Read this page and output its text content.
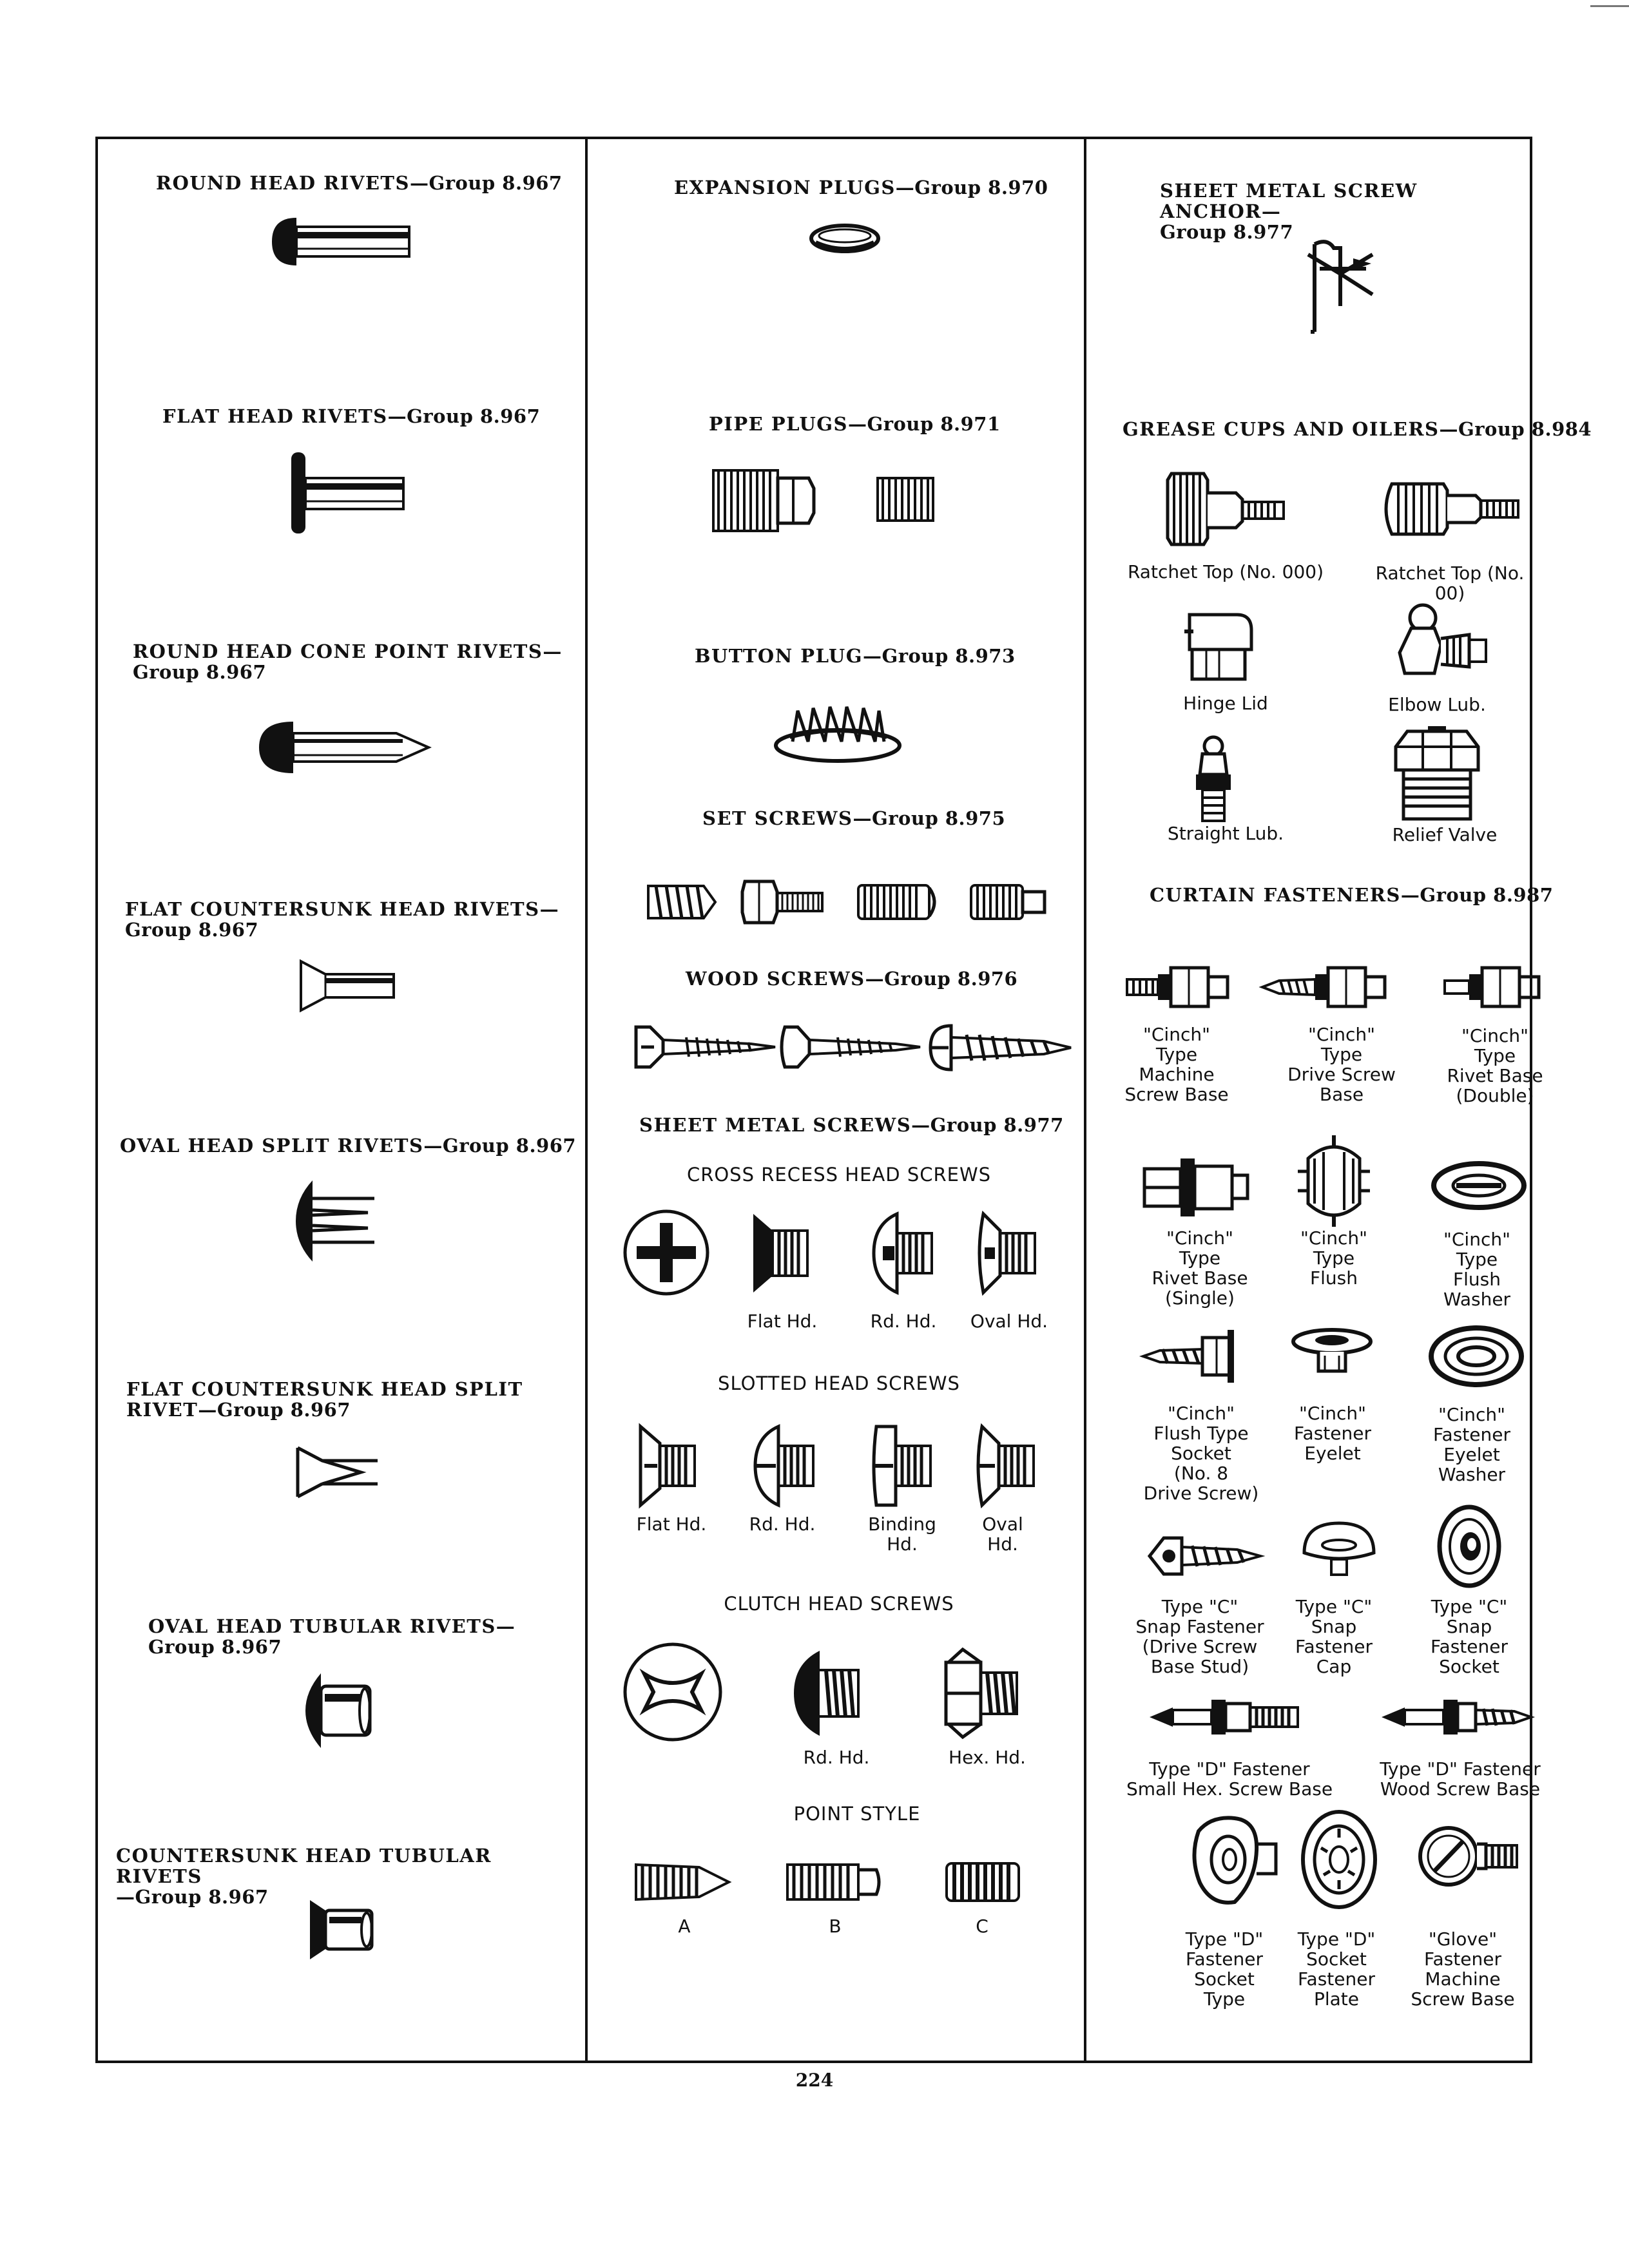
ROUND HEAD RIVETS—Group 8.967
FLAT HEAD RIVETS—Group 8.967
ROUND HEAD CONE POINT RIVETS—
Group 8.967
FLAT COUNTERSUNK HEAD RIVETS—
Group 8.967
OVAL HEAD SPLIT RIVETS—Group 8.967
FLAT COUNTERSUNK HEAD SPLIT
RIVET—Group 8.967
OVAL HEAD TUBULAR RIVETS—
Group 8.967
COUNTERSUNK HEAD TUBULAR RIVETS
—Group 8.967
EXPANSION PLUGS—Group 8.970
PIPE PLUGS—Group 8.971
BUTTON PLUG—Group 8.973
SET SCREWS—Group 8.975
WOOD SCREWS—Group 8.976
SHEET METAL SCREWS—Group 8.977
CROSS RECESS HEAD SCREWS
Flat Hd.	Rd. Hd. Oval Hd.
SLOTTED HEAD SCREWS
Flat Hd. Rd. Hd.	Binding
Hd.
Oval
Hd.
CLUTCH HEAD SCREWS
Rd. Hd.	Hex. Hd.
POINT STYLE
A	B	C
SHEET METAL SCREW ANCHOR—
Group 8.977
GREASE CUPS AND OILERS—Group 8.984
Ratchet Top (No. 000)	Ratchet Top (No. 00)
Hinge Lid	Elbow Lub.
Straight Lub.	Relief Valve
CURTAIN FASTENERS—Group 8.987
"Cinch"
Type
Machine
Screw Base
"Cinch"
Type
Drive Screw
Base
"Cinch"
Type
Rivet Base
(Double)
"Cinch"
Type
Rivet Base
(Single)
"Cinch"
Type
Flush
"Cinch"
Type
Flush
Washer
"Cinch"
Flush Type
Socket
(No. 8
Drive Screw)
"Cinch"
Fastener
Eyelet
"Cinch"
Fastener
Eyelet
Washer
Type "C"
Snap Fastener
(Drive Screw
Base Stud)
Type "C"
Snap
Fastener
Cap
Type "C"
Snap
Fastener
Socket
Type "D" Fastener
Small Hex. Screw Base
Type "D" Fastener
Wood Screw Base
Type "D"
Fastener
Socket
Type
Type "D"
Socket
Fastener
Plate
"Glove"
Fastener
Machine
Screw Base
224
